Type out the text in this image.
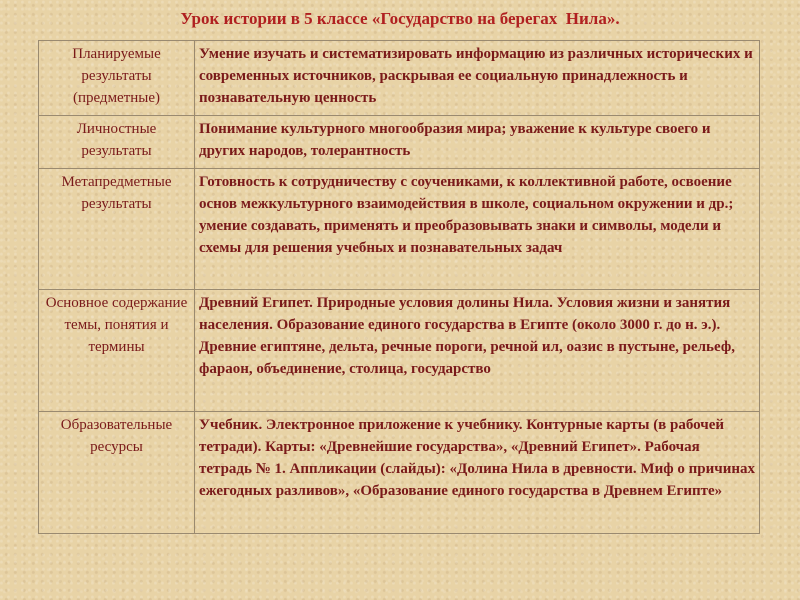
Урок истории в 5 классе «Государство на берегах  Нила».
Планируемые результаты (предметные)	Умение изучать и систематизировать информацию из различных исторических и современных источников, раскрывая ее социальную принадлежность и познавательную ценность
Личностные результаты	Понимание культурного многообразия мира; уважение к культуре своего и других народов, толерантность
Метапредметные результаты	Готовность к сотрудничеству с соучениками, к коллективной работе, освоение основ межкультурного взаимодействия в школе, социальном окружении и др.; умение создавать, применять и преобразовывать знаки и символы, модели и схемы для решения учебных и познавательных задач
Основное содержание темы, понятия и термины	Древний Египет. Природные условия долины Нила. Условия жизни и занятия населения. Образование единого государства в Египте (около 3000 г. до н. э.). Древние египтяне, дельта, речные пороги, речной ил, оазис в пустыне, рельеф, фараон, объединение, столица, государство
Образовательные ресурсы	Учебник. Электронное приложение к учебнику. Контурные карты (в рабочей тетради). Карты: «Древнейшие государства», «Древний Египет». Рабочая тетрадь № 1. Аппликации (слайды): «Долина Нила в древности. Миф о причинах ежегодных разливов», «Образование единого государства в Древнем Египте»
